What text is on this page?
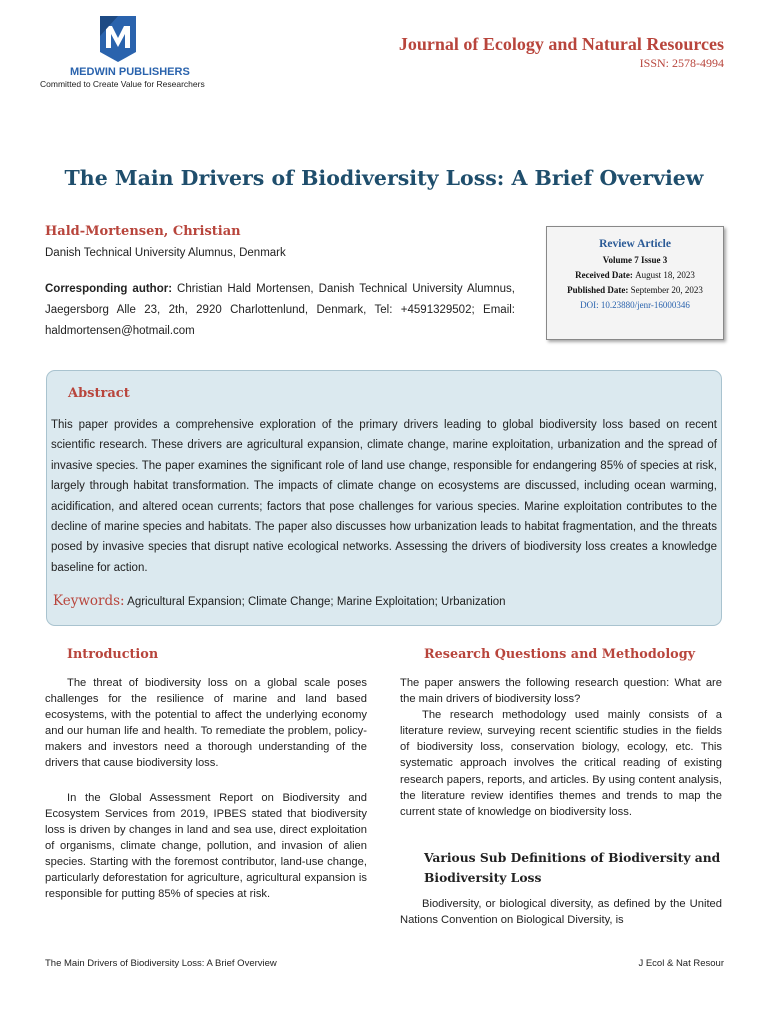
MEDWIN PUBLISHERS
Committed to Create Value for Researchers
Journal of Ecology and Natural Resources
ISSN: 2578-4994
The Main Drivers of Biodiversity Loss: A Brief Overview
Hald-Mortensen, Christian
Danish Technical University Alumnus, Denmark
Corresponding author: Christian Hald Mortensen, Danish Technical University Alumnus, Jaegersborg Alle 23, 2th, 2920 Charlottenlund, Denmark, Tel: +4591329502; Email: haldmortensen@hotmail.com
Review Article
Volume 7 Issue 3
Received Date: August 18, 2023
Published Date: September 20, 2023
DOI: 10.23880/jenr-16000346
Abstract
This paper provides a comprehensive exploration of the primary drivers leading to global biodiversity loss based on recent scientific research. These drivers are agricultural expansion, climate change, marine exploitation, urbanization and the spread of invasive species. The paper examines the significant role of land use change, responsible for endangering 85% of species at risk, largely through habitat transformation. The impacts of climate change on ecosystems are discussed, including ocean warming, acidification, and altered ocean currents; factors that pose challenges for various species. Marine exploitation contributes to the decline of marine species and habitats. The paper also discusses how urbanization leads to habitat fragmentation, and the threats posed by invasive species that disrupt native ecological networks. Assessing the drivers of biodiversity loss creates a knowledge baseline for action.
Keywords: Agricultural Expansion; Climate Change; Marine Exploitation; Urbanization
Introduction

The threat of biodiversity loss on a global scale poses challenges for the resilience of marine and land based ecosystems, with the potential to affect the underlying economy and our human life and health. To remediate the problem, policy-makers and investors need a thorough understanding of the drivers that cause biodiversity loss.

In the Global Assessment Report on Biodiversity and Ecosystem Services from 2019, IPBES stated that biodiversity loss is driven by changes in land and sea use, direct exploitation of organisms, climate change, pollution, and invasion of alien species. Starting with the foremost contributor, land-use change, particularly deforestation for agriculture, agricultural expansion is responsible for putting 85% of species at risk.

Research Questions and Methodology

The paper answers the following research question: What are the main drivers of biodiversity loss?

The research methodology used mainly consists of a literature review, surveying recent scientific studies in the fields of biodiversity loss, conservation biology, ecology, etc. This systematic approach involves the critical reading of existing research papers, reports, and articles. By using content analysis, the literature review identifies themes and trends to map the current state of knowledge on biodiversity loss.

Various Sub Definitions of Biodiversity and Biodiversity Loss

Biodiversity, or biological diversity, as defined by the United Nations Convention on Biological Diversity, is

The Main Drivers of Biodiversity Loss: A Brief Overview	J Ecol & Nat Resour
